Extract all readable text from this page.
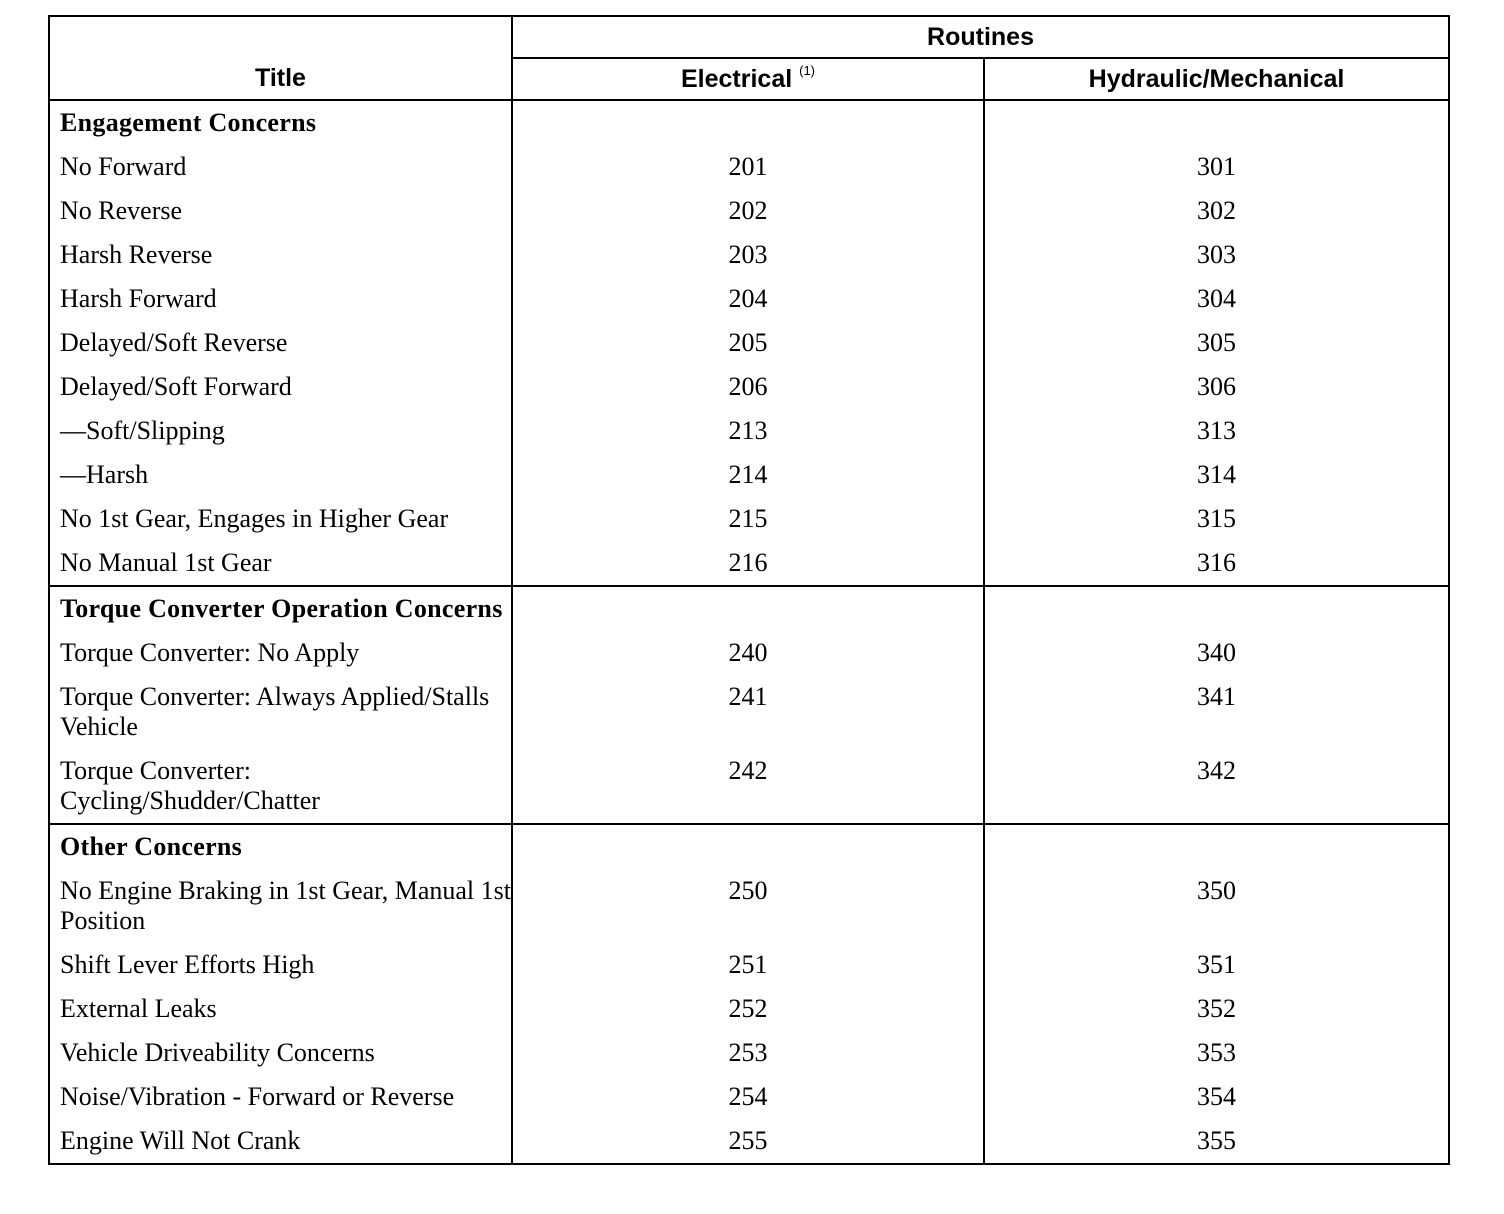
Title	Routines	
	Electrical $^{(1)}$	Hydraulic/Mechanical
Engagement Concerns		
No Forward	201	301
No Reverse	202	302
Harsh Reverse	203	303
Harsh Forward	204	304
Delayed/Soft Reverse	205	305
Delayed/Soft Forward	206	306
—Soft/Slipping	213	313
—Harsh	214	314
No 1st Gear, Engages in Higher Gear	215	315
No Manual 1st Gear	216	316
Torque Converter Operation Concerns		
Torque Converter: No Apply	240	340
Torque Converter: Always Applied/Stalls Vehicle	241	341
Torque Converter: Cycling/Shudder/Chatter	242	342
Other Concerns		
No Engine Braking in 1st Gear, Manual 1st Position	250	350
Shift Lever Efforts High	251	351
External Leaks	252	352
Vehicle Driveability Concerns	253	353
Noise/Vibration - Forward or Reverse	254	354
Engine Will Not Crank	255	355
